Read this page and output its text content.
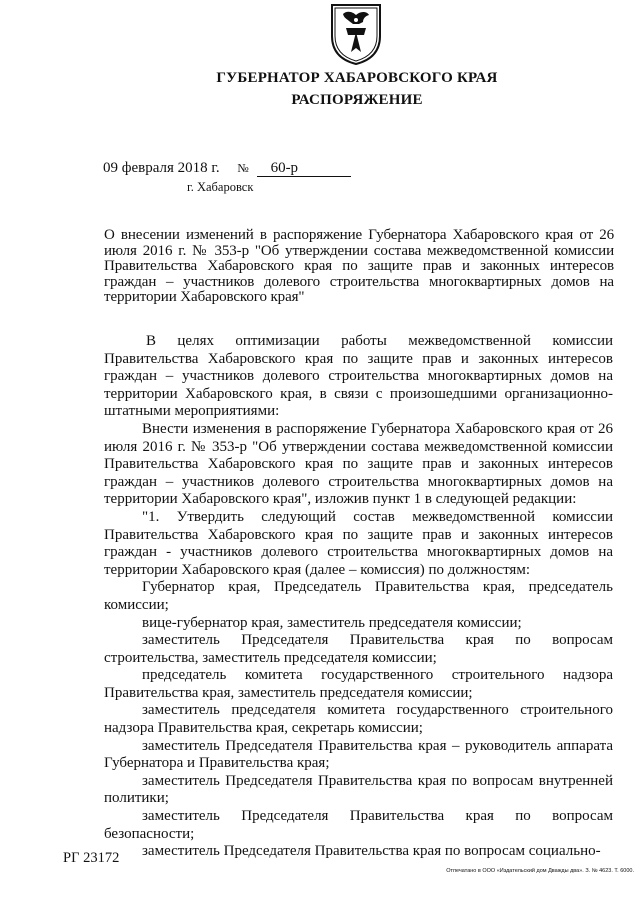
ГУБЕРНАТОР ХАБАРОВСКОГО КРАЯ
РАСПОРЯЖЕНИЕ
09 февраля 2018 г. № 60-р
г. Хабаровск
О внесении изменений в распоряжение Губернатора Хабаровского края от 26 июля 2016 г. № 353-р "Об утверждении состава межведомственной комиссии Правительства Хабаровского края по защите прав и законных интересов граждан – участников долевого строительства многоквартирных домов на территории Хабаровского края"

В целях оптимизации работы межведомственной комиссии Правительства Хабаровского края по защите прав и законных интересов граждан – участников долевого строительства многоквартирных домов на территории Хабаровского края, в связи с произошедшими организационно-штатными мероприятиями:

Внести изменения в распоряжение Губернатора Хабаровского края от 26 июля 2016 г. № 353-р "Об утверждении состава межведомственной комиссии Правительства Хабаровского края по защите прав и законных интересов граждан – участников долевого строительства многоквартирных домов на территории Хабаровского края", изложив пункт 1 в следующей редакции:

"1. Утвердить следующий состав межведомственной комиссии Правительства Хабаровского края по защите прав и законных интересов граждан - участников долевого строительства многоквартирных домов на территории Хабаровского края (далее – комиссия) по должностям:

Губернатор края, Председатель Правительства края, председатель комиссии;

вице-губернатор края, заместитель председателя комиссии;

заместитель Председателя Правительства края по вопросам строительства, заместитель председателя комиссии;

председатель комитета государственного строительного надзора Правительства края, заместитель председателя комиссии;

заместитель председателя комитета государственного строительного надзора Правительства края, секретарь комиссии;

заместитель Председателя Правительства края – руководитель аппарата Губернатора и Правительства края;

заместитель Председателя Правительства края по вопросам внутренней политики;

заместитель Председателя Правительства края по вопросам безопасности;

заместитель Председателя Правительства края по вопросам социально-

РГ 23172
Отпечатано в ООО «Издательский дом Дважды два». З. № 4623. Т. 6000.
